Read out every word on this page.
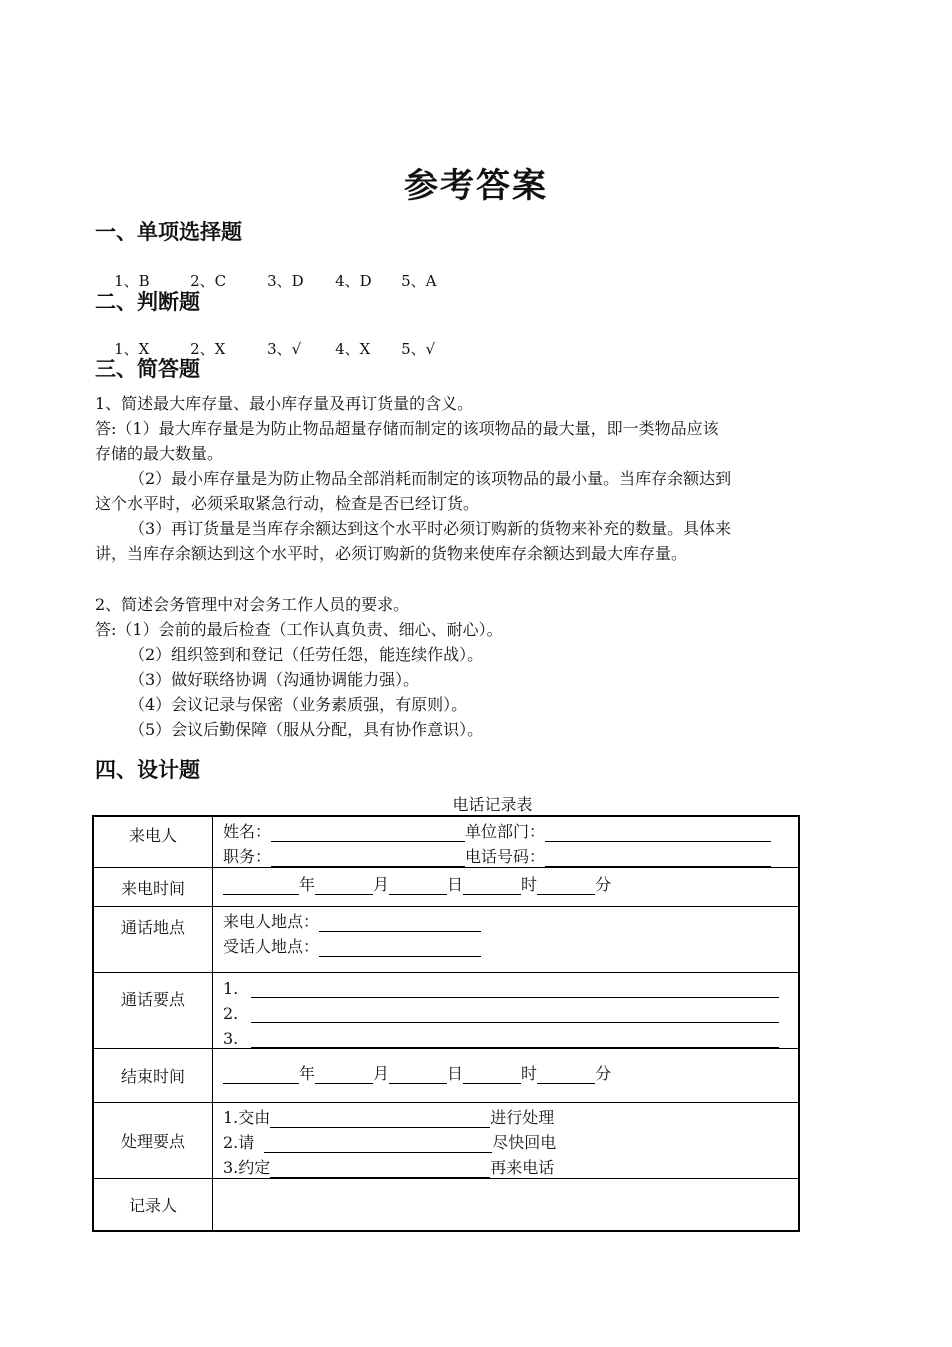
参考答案
一、单项选择题

1、B	2、C	3、D 4、D 5、A

二、判断题

1、X	2、X	3、√ 4、X 5、√

三、简答题
1、简述最大库存量、最小库存量及再订货量的含义。
答:（1）最大库存量是为防止物品超量存储而制定的该项物品的最大量，即一类物品应该
存储的最大数量。
（2）最小库存量是为防止物品全部消耗而制定的该项物品的最小量。当库存余额达到
这个水平时，必须采取紧急行动，检查是否已经订货。
（3）再订货量是当库存余额达到这个水平时必须订购新的货物来补充的数量。具体来
讲，当库存余额达到这个水平时，必须订购新的货物来使库存余额达到最大库存量。
2、简述会务管理中对会务工作人员的要求。
答:（1）会前的最后检查（工作认真负责、细心、耐心）。
（2）组织签到和登记（任劳任怨，能连续作战）。
（3）做好联络协调（沟通协调能力强）。
（4）会议记录与保密（业务素质强，有原则）。
（5）会议后勤保障（服从分配，具有协作意识）。
四、设计题
电话记录表
来电人	姓名：	单位部门：
职务：	电话号码：
来电时间	年	月	日	时	分
通话地点	来电人地点：
受话人地点：
通话要点
1.
2.
3.
结束时间	年	月	日	时	分
处理要点
1.交由	进行处理
2.请	尽快回电
3.约定	再来电话
记录人
